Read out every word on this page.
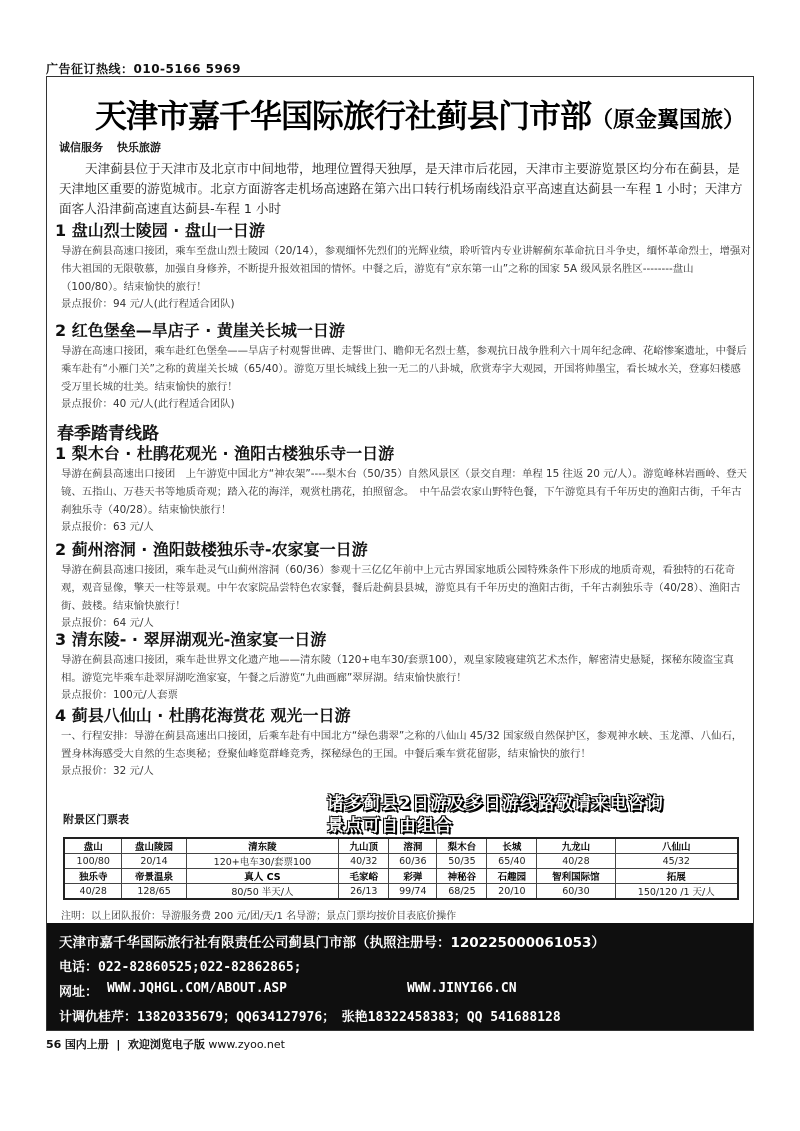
广告征订热线：010-5166 5969
天津市嘉千华国际旅行社蓟县门市部（原金翼国旅）
诚信服务 快乐旅游
天津蓟县位于天津市及北京市中间地带，地理位置得天独厚，是天津市后花园，天津市主要游览景区均分布在蓟县，是天津地区重要的游览城市。北京方面游客走机场高速路在第六出口转行机场南线沿京平高速直达蓟县一车程 1 小时；天津方面客人沿津蓟高速直达蓟县-车程 1 小时
1 盘山烈士陵园 · 盘山一日游
导游在蓟县高速口接团，乘车至盘山烈士陵园（20/14），参观缅怀先烈们的光辉业绩，聆听管内专业讲解蓟东革命抗日斗争史，缅怀革命烈士，增强对伟大祖国的无限敬慕，加强自身修养，不断提升报效祖国的情怀。中餐之后，游览有“京东第一山”之称的国家 5A 级风景名胜区--------盘山（100/80）。结束愉快的旅行！
景点报价：94 元/人(此行程适合团队)
2 红色堡垒—旱店子 · 黄崖关长城一日游
导游在高速口接团，乘车赴红色堡垒——旱店子村观誓世碑、走誓世门、瞻仰无名烈士墓，参观抗日战争胜利六十周年纪念碑、花峪惨案遗址，中餐后乘车赴有“小雁门关”之称的黄崖关长城（65/40）。游览万里长城线上独一无二的八卦城，欣赏寿字大观园，开国将帅墨宝，看长城水关，登寡妇楼感受万里长城的壮美。结束愉快的旅行！
景点报价：40 元/人(此行程适合团队)
春季踏青线路
1 梨木台 · 杜鹃花观光 · 渔阳古楼独乐寺一日游
导游在蓟县高速出口接团　上午游览中国北方“神农架”----梨木台（50/35）自然风景区（景交自理：单程 15 往返 20 元/人）。游览峰林岩画岭、登天镜、五指山、万巷天书等地质奇观；踏入花的海洋，观赏杜鹃花，拍照留念。　中午品尝农家山野特色餐，下午游览具有千年历史的渔阳古街，千年古刹独乐寺（40/28）。结束愉快旅行！
景点报价：63 元/人
2 蓟州溶洞 · 渔阳鼓楼独乐寺-农家宴一日游
导游在蓟县高速口接团，乘车赴灵气山蓟州溶洞（60/36）参观十三亿亿年前中上元古界国家地质公园特殊条件下形成的地质奇观，看独特的石花奇观，观音显像，擎天一柱等景观。中午农家院品尝特色农家餐，餐后赴蓟县县城，游览具有千年历史的渔阳古街，千年古刹独乐寺（40/28）、渔阳古街、鼓楼。结束愉快旅行！
景点报价：64 元/人
3 清东陵- · 翠屏湖观光-渔家宴一日游
导游在蓟县高速口接团，乘车赴世界文化遗产地——清东陵（120+电车30/套票100），观皇家陵寝建筑艺术杰作，解密清史悬疑，探秘东陵盗宝真相。游览完毕乘车赴翠屏湖吃渔家宴，午餐之后游览“九曲画廊”翠屏湖。结束愉快旅行！
景点报价：100元/人套票
4 蓟县八仙山 · 杜鹃花海赏花 观光一日游
一、行程安排：导游在蓟县高速出口接团，后乘车赴有中国北方“绿色翡翠”之称的八仙山 45/32 国家级自然保护区，参观神水峡、玉龙潭、八仙石，置身林海感受大自然的生态奥秘；登聚仙峰览群峰竞秀，探秘绿色的王国。中餐后乘车赏花留影，结束愉快的旅行！
景点报价：32 元/人
诸多蓟县2日游及多日游线路敬请来电咨询
景点可自由组合
附景区门票表
盘山	盘山陵园	清东陵	九山顶	溶洞	梨木台	长城	九龙山	八仙山
100/80	20/14	120+电车30/套票100	40/32	60/36	50/35	65/40	40/28	45/32
独乐寺	帝景温泉	真人 CS	毛家峪	彩弹	神秘谷	石趣园	智利国际馆	拓展
40/28	128/65	80/50 半天/人	26/13	99/74	68/25	20/10	60/30	150/120 /1 天/人
注明：以上团队报价：导游服务费 200 元/团/天/1 名导游；景点门票均按价目表底价操作
天津市嘉千华国际旅行社有限责任公司蓟县门市部（执照注册号：120225000061053）
电话：022-82860525;022-82862865;
网址： WWW.JQHGL.COM/ABOUT.ASP	WWW.JINYI66.CN
计调仇桂芹：13820335679；QQ634127976；　张艳18322458383；QQ 541688128
56 国内上册 | 欢迎浏览电子版 www.zyoo.net
